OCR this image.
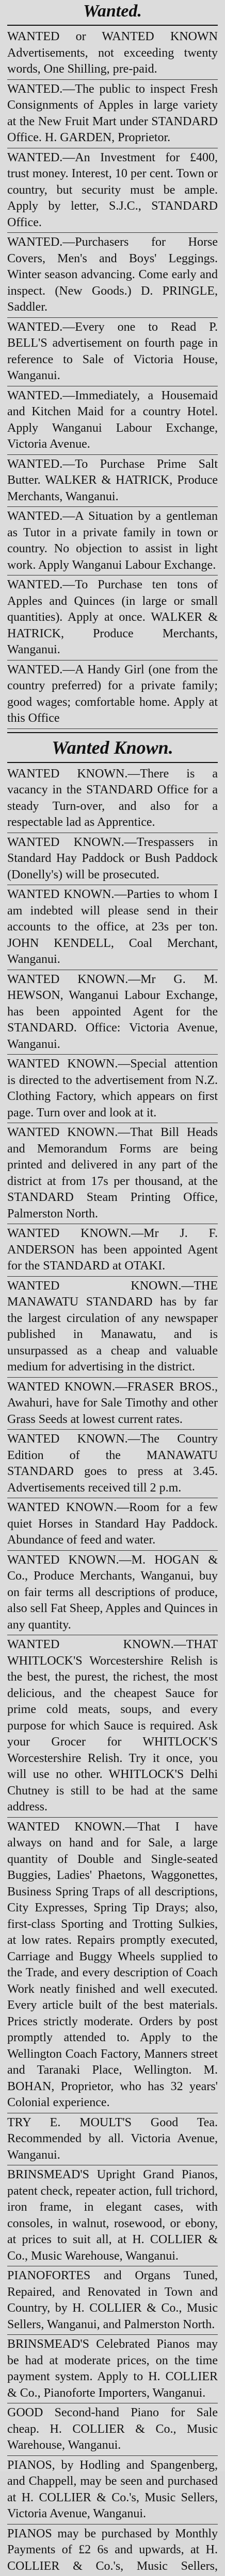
Wanted.

WANTED or WANTED KNOWN Advertisements, not exceeding twenty words, One Shilling, pre-paid.

WANTED.—The public to inspect Fresh Consignments of Apples in large variety at the New Fruit Mart under STANDARD Office. H. GARDEN, Proprietor.

WANTED.—An Investment for £400, trust money. Interest, 10 per cent. Town or country, but security must be ample. Apply by letter, S.J.C., STANDARD Office.

WANTED.—Purchasers for Horse Covers, Men's and Boys' Leggings. Winter season advancing. Come early and inspect. (New Goods.) D. PRINGLE, Saddler.

WANTED.—Every one to Read P. BELL'S advertisement on fourth page in reference to Sale of Victoria House, Wanganui.

WANTED.—Immediately, a Housemaid and Kitchen Maid for a country Hotel. Apply Wanganui Labour Exchange, Victoria Avenue.

WANTED.—To Purchase Prime Salt Butter. WALKER & HATRICK, Produce Merchants, Wanganui.

WANTED.—A Situation by a gentleman as Tutor in a private family in town or country. No objection to assist in light work. Apply Wanganui Labour Exchange.

WANTED.—To Purchase ten tons of Apples and Quinces (in large or small quantities). Apply at once. WALKER & HATRICK, Produce Merchants, Wanganui.

WANTED.—A Handy Girl (one from the country preferred) for a private family; good wages; comfortable home. Apply at this Office

Wanted Known.

WANTED KNOWN.—There is a vacancy in the STANDARD Office for a steady Turn-over, and also for a respectable lad as Apprentice.

WANTED KNOWN.—Trespassers in Standard Hay Paddock or Bush Paddock (Donelly's) will be prosecuted.

WANTED KNOWN.—Parties to whom I am indebted will please send in their accounts to the office, at 23s per ton. JOHN KENDELL, Coal Merchant, Wanganui.

WANTED KNOWN.—Mr G. M. HEWSON, Wanganui Labour Exchange, has been appointed Agent for the STANDARD. Office: Victoria Avenue, Wanganui.

WANTED KNOWN.—Special attention is directed to the advertisement from N.Z. Clothing Factory, which appears on first page. Turn over and look at it.

WANTED KNOWN.—That Bill Heads and Memorandum Forms are being printed and delivered in any part of the district at from 17s per thousand, at the STANDARD Steam Printing Office, Palmerston North.

WANTED KNOWN.—Mr J. F. ANDERSON has been appointed Agent for the STANDARD at OTAKI.

WANTED KNOWN.—THE MANAWATU STANDARD has by far the largest circulation of any newspaper published in Manawatu, and is unsurpassed as a cheap and valuable medium for advertising in the district.

WANTED KNOWN.—FRASER BROS., Awahuri, have for Sale Timothy and other Grass Seeds at lowest current rates.

WANTED KNOWN.—The Country Edition of the MANAWATU STANDARD goes to press at 3.45. Advertisements received till 2 p.m.

WANTED KNOWN.—Room for a few quiet Horses in Standard Hay Paddock. Abundance of feed and water.

WANTED KNOWN.—M. HOGAN & Co., Produce Merchants, Wanganui, buy on fair terms all descriptions of produce, also sell Fat Sheep, Apples and Quinces in any quantity.

WANTED KNOWN.—THAT WHITLOCK'S Worcestershire Relish is the best, the purest, the richest, the most delicious, and the cheapest Sauce for prime cold meats, soups, and every purpose for which Sauce is required. Ask your Grocer for WHITLOCK'S Worcestershire Relish. Try it once, you will use no other. WHITLOCK'S Delhi Chutney is still to be had at the same address.

WANTED KNOWN.—That I have always on hand and for Sale, a large quantity of Double and Single-seated Buggies, Ladies' Phaetons, Waggonettes, Business Spring Traps of all descriptions, City Expresses, Spring Tip Drays; also, first-class Sporting and Trotting Sulkies, at low rates. Repairs promptly executed, Carriage and Buggy Wheels supplied to the Trade, and every description of Coach Work neatly finished and well executed. Every article built of the best materials. Prices strictly moderate. Orders by post promptly attended to. Apply to the Wellington Coach Factory, Manners street and Taranaki Place, Wellington. M. BOHAN, Proprietor, who has 32 years' Colonial experience.

TRY E. MOULT'S Good Tea. Recommended by all. Victoria Avenue, Wanganui.

BRINSMEAD'S Upright Grand Pianos, patent check, repeater action, full trichord, iron frame, in elegant cases, with consoles, in walnut, rosewood, or ebony, at prices to suit all, at H. COLLIER & Co., Music Warehouse, Wanganui.

PIANOFORTES and Organs Tuned, Repaired, and Renovated in Town and Country, by H. COLLIER & Co., Music Sellers, Wanganui, and Palmerston North.

BRINSMEAD'S Celebrated Pianos may be had at moderate prices, on the time payment system. Apply to H. COLLIER & Co., Pianoforte Importers, Wanganui.

GOOD Second-hand Piano for Sale cheap. H. COLLIER & Co., Music Warehouse, Wanganui.

PIANOS, by Hodling and Spangenberg, and Chappell, may be seen and purchased at H. COLLIER & Co.'s, Music Sellers, Victoria Avenue, Wanganui.

PIANOS may be purchased by Monthly Payments of £2 6s and upwards, at H. COLLIER & Co.'s, Music Sellers,
